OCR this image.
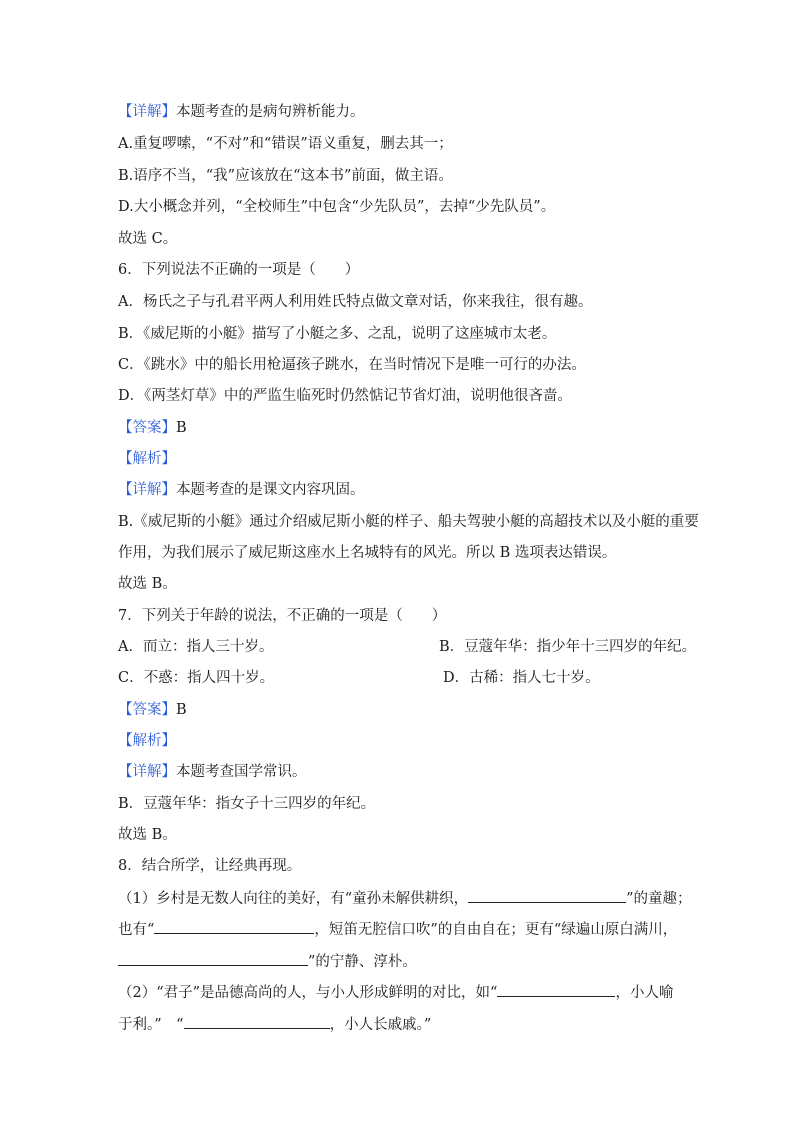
【详解】本题考查的是病句辨析能力。
A.重复啰嗦，“不对”和“错误”语义重复，删去其一；
B.语序不当，“我”应该放在“这本书”前面，做主语。
D.大小概念并列，“全校师生”中包含“少先队员”，去掉“少先队员”。
故选 C。
6．下列说法不正确的一项是（　　）
A．杨氏之子与孔君平两人利用姓氏特点做文章对话，你来我往，很有趣。
B．《威尼斯的小艇》描写了小艇之多、之乱，说明了这座城市太老。
C．《跳水》中的船长用枪逼孩子跳水，在当时情况下是唯一可行的办法。
D．《两茎灯草》中的严监生临死时仍然惦记节省灯油，说明他很吝啬。
【答案】B
【解析】
【详解】本题考查的是课文内容巩固。
B.《威尼斯的小艇》通过介绍威尼斯小艇的样子、船夫驾驶小艇的高超技术以及小艇的重要
作用，为我们展示了威尼斯这座水上名城特有的风光。所以 B 选项表达错误。
故选 B。
7．下列关于年龄的说法，不正确的一项是（　　）
A．而立：指人三十岁。	B．豆蔻年华：指少年十三四岁的年纪。
C．不惑：指人四十岁。	D．古稀：指人七十岁。
【答案】B
【解析】
【详解】本题考查国学常识。
B．豆蔻年华：指女子十三四岁的年纪。
故选 B。
8．结合所学，让经典再现。
（1）乡村是无数人向往的美好，有“童孙未解供耕织，	”的童趣；
也有“	，短笛无腔信口吹”的自由自在；更有“绿遍山原白满川，
”的宁静、淳朴。
（2）“君子”是品德高尚的人，与小人形成鲜明的对比，如“	，小人喻
于利。”　“	，小人长戚戚。”
